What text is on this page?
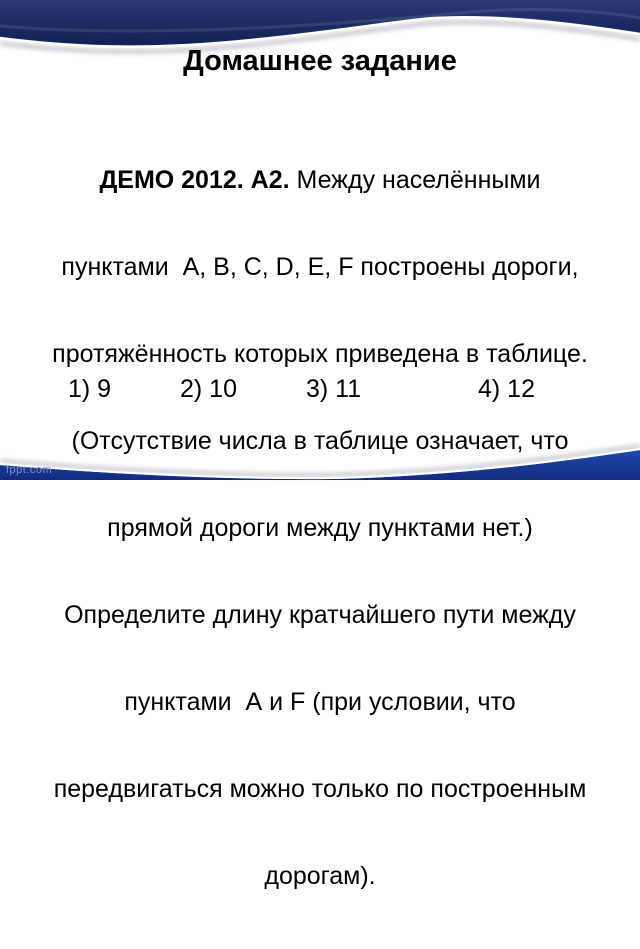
Домашнее задание

ДЕМО 2012. А2. Между населёнными

пунктами  А, В, С, D, Е, F построены дороги,

протяжённость которых приведена в таблице.

(Отсутствие числа в таблице означает, что

прямой дороги между пунктами нет.)

Определите длину кратчайшего пути между

пунктами  А и F (при условии, что

передвигаться можно только по построенным

дорогам).

1) 9	2) 10	3) 11	4) 12
fppt.com
